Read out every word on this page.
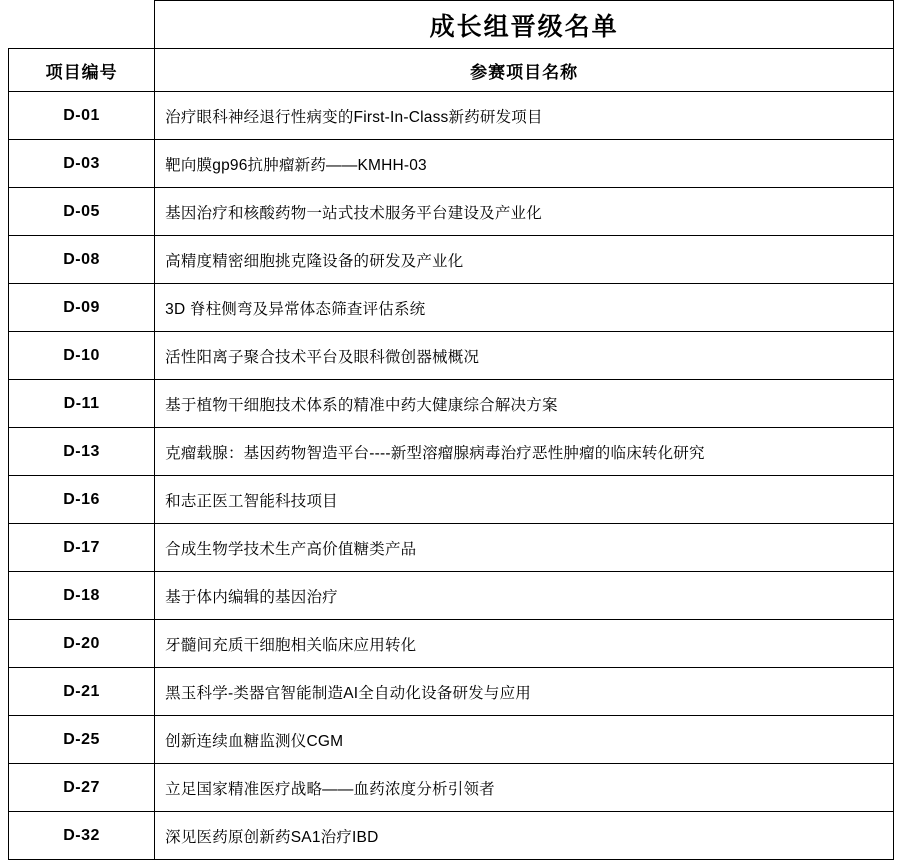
	成长组晋级名单
项目编号	参赛项目名称
D-01	治疗眼科神经退行性病变的First-In-Class新药研发项目
D-03	靶向膜gp96抗肿瘤新药——KMHH-03
D-05	基因治疗和核酸药物一站式技术服务平台建设及产业化
D-08	高精度精密细胞挑克隆设备的研发及产业化
D-09	3D 脊柱侧弯及异常体态筛查评估系统
D-10	活性阳离子聚合技术平台及眼科微创器械概况
D-11	基于植物干细胞技术体系的精准中药大健康综合解决方案
D-13	克瘤载腺：基因药物智造平台----新型溶瘤腺病毒治疗恶性肿瘤的临床转化研究
D-16	和志正医工智能科技项目
D-17	合成生物学技术生产高价值糖类产品
D-18	基于体内编辑的基因治疗
D-20	牙髓间充质干细胞相关临床应用转化
D-21	黑玉科学-类器官智能制造AI全自动化设备研发与应用
D-25	创新连续血糖监测仪CGM
D-27	立足国家精准医疗战略——血药浓度分析引领者
D-32	深见医药原创新药SA1治疗IBD
